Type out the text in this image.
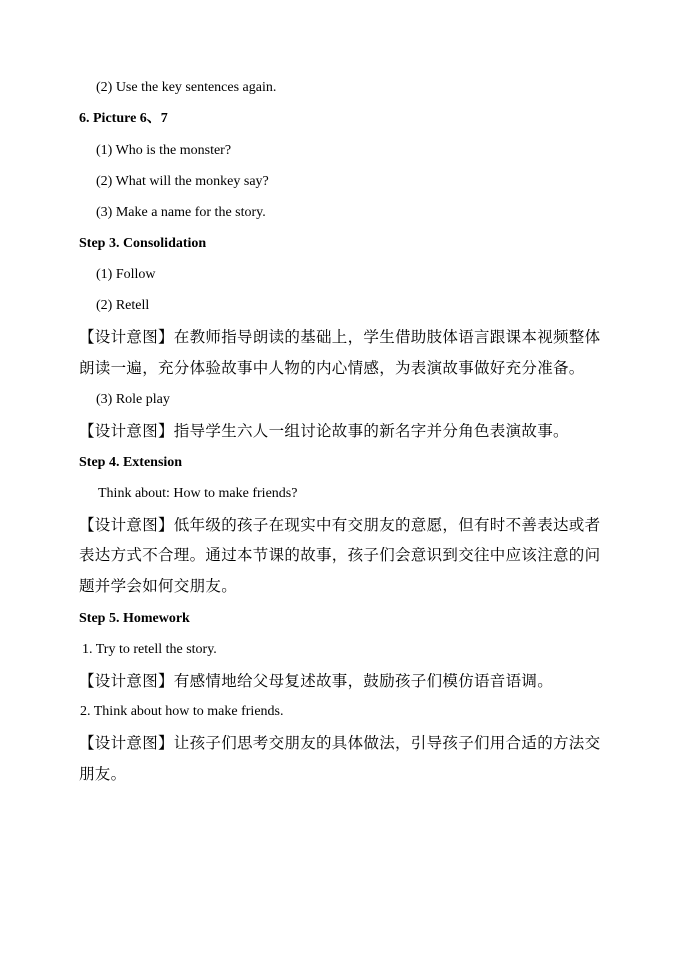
(2) Use the key sentences again.
6. Picture 6、7
(1) Who is the monster?
(2) What will the monkey say?
(3) Make a name for the story.
Step 3. Consolidation
(1) Follow
(2) Retell
【设计意图】在教师指导朗读的基础上，学生借助肢体语言跟课本视频整体
朗读一遍，充分体验故事中人物的内心情感，为表演故事做好充分准备。
(3) Role play
【设计意图】指导学生六人一组讨论故事的新名字并分角色表演故事。
Step 4. Extension
Think about: How to make friends?
【设计意图】低年级的孩子在现实中有交朋友的意愿，但有时不善表达或者
表达方式不合理。通过本节课的故事，孩子们会意识到交往中应该注意的问
题并学会如何交朋友。
Step 5. Homework
1. Try to retell the story.
【设计意图】有感情地给父母复述故事，鼓励孩子们模仿语音语调。
2. Think about how to make friends.
【设计意图】让孩子们思考交朋友的具体做法，引导孩子们用合适的方法交
朋友。
